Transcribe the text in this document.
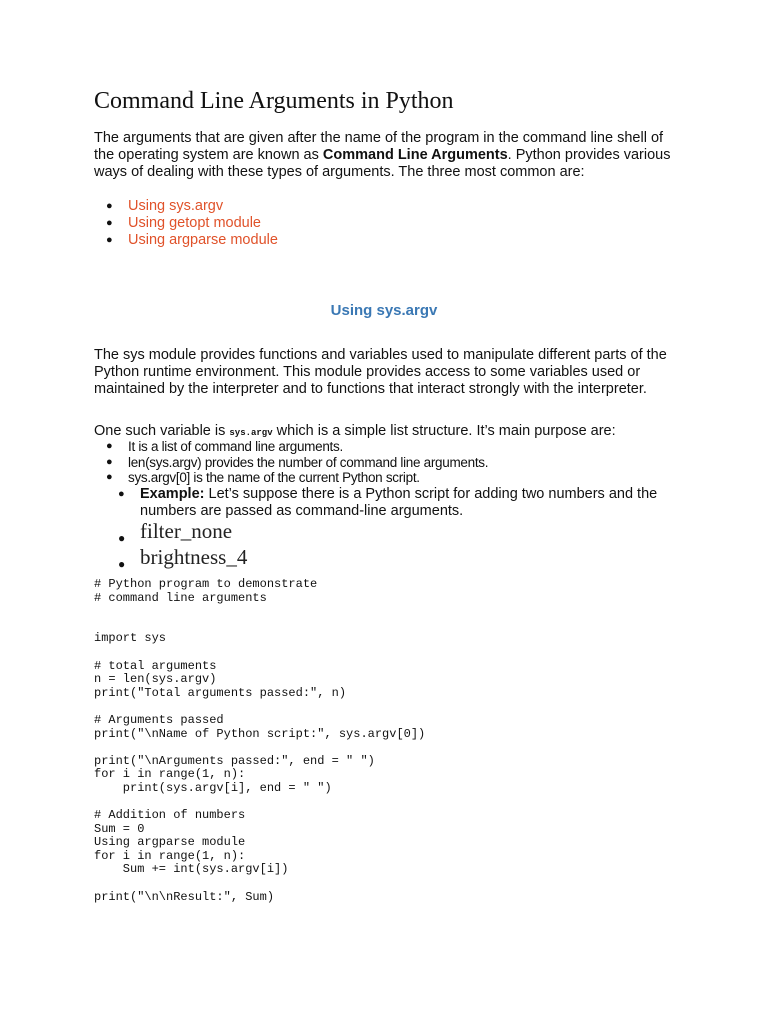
Command Line Arguments in Python

The arguments that are given after the name of the program in the command line shell of the operating system are known as Command Line Arguments. Python provides various ways of dealing with these types of arguments. The three most common are:

● Using sys.argv
● Using getopt module
● Using argparse module
Using sys.argv

The sys module provides functions and variables used to manipulate different parts of the Python runtime environment. This module provides access to some variables used or maintained by the interpreter and to functions that interact strongly with the interpreter.

One such variable is sys.argv which is a simple list structure. It’s main purpose are:

● It is a list of command line arguments.
● len(sys.argv) provides the number of command line arguments.
● sys.argv[0] is the name of the current Python script.
● Example: Let’s suppose there is a Python script for adding two numbers and the numbers are passed as command-line arguments.
● filter_none
● brightness_4
# Python program to demonstrate
# command line arguments

import sys

# total arguments
n = len(sys.argv)
print("Total arguments passed:", n)

# Arguments passed
print("\nName of Python script:", sys.argv[0])

print("\nArguments passed:", end = " ")
for i in range(1, n):
print(sys.argv[i], end = " ")

# Addition of numbers
Sum = 0
Using argparse module
for i in range(1, n):
Sum += int(sys.argv[i])

print("\n\nResult:", Sum)
